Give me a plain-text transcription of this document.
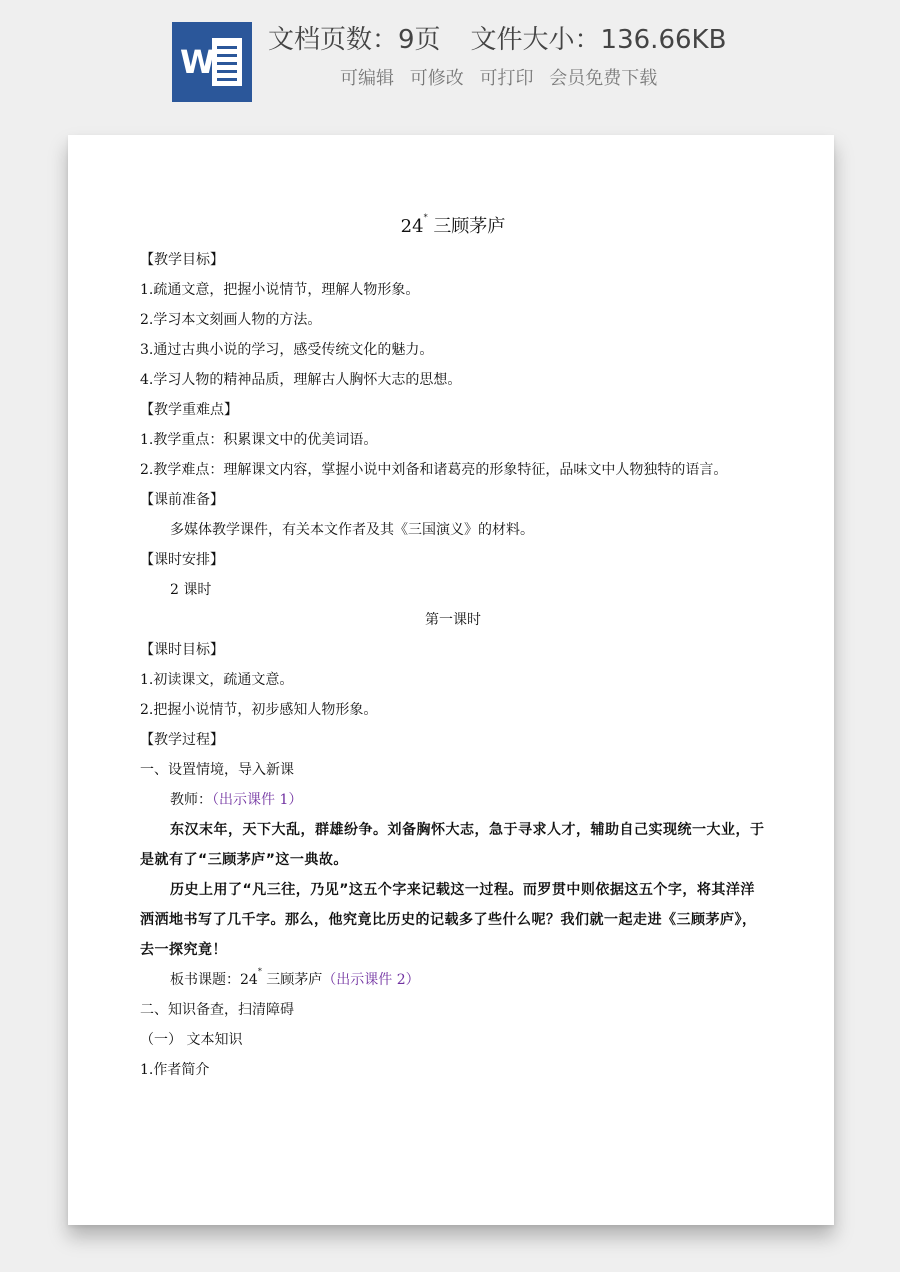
W
文档页数：9页 文件大小：136.66KB
可编辑 可修改 可打印 会员免费下载

24* 三顾茅庐

【教学目标】

1.疏通文意，把握小说情节，理解人物形象。

2.学习本文刻画人物的方法。

3.通过古典小说的学习，感受传统文化的魅力。

4.学习人物的精神品质，理解古人胸怀大志的思想。

【教学重难点】

1.教学重点：积累课文中的优美词语。

2.教学难点：理解课文内容，掌握小说中刘备和诸葛亮的形象特征，品味文中人物独特的语言。

【课前准备】

多媒体教学课件，有关本文作者及其《三国演义》的材料。

【课时安排】

2 课时

第一课时

【课时目标】

1.初读课文，疏通文意。

2.把握小说情节，初步感知人物形象。

【教学过程】

一、设置情境，导入新课

教师：（出示课件 1）

东汉末年，天下大乱，群雄纷争。刘备胸怀大志，急于寻求人才，辅助自己实现统一大业，于是就有了“三顾茅庐”这一典故。

历史上用了“凡三往，乃见”这五个字来记载这一过程。而罗贯中则依据这五个字，将其洋洋洒洒地书写了几千字。那么，他究竟比历史的记载多了些什么呢？我们就一起走进《三顾茅庐》，去一探究竟！

板书课题：24* 三顾茅庐（出示课件 2）

二、知识备查，扫清障碍

（一） 文本知识

1.作者简介
